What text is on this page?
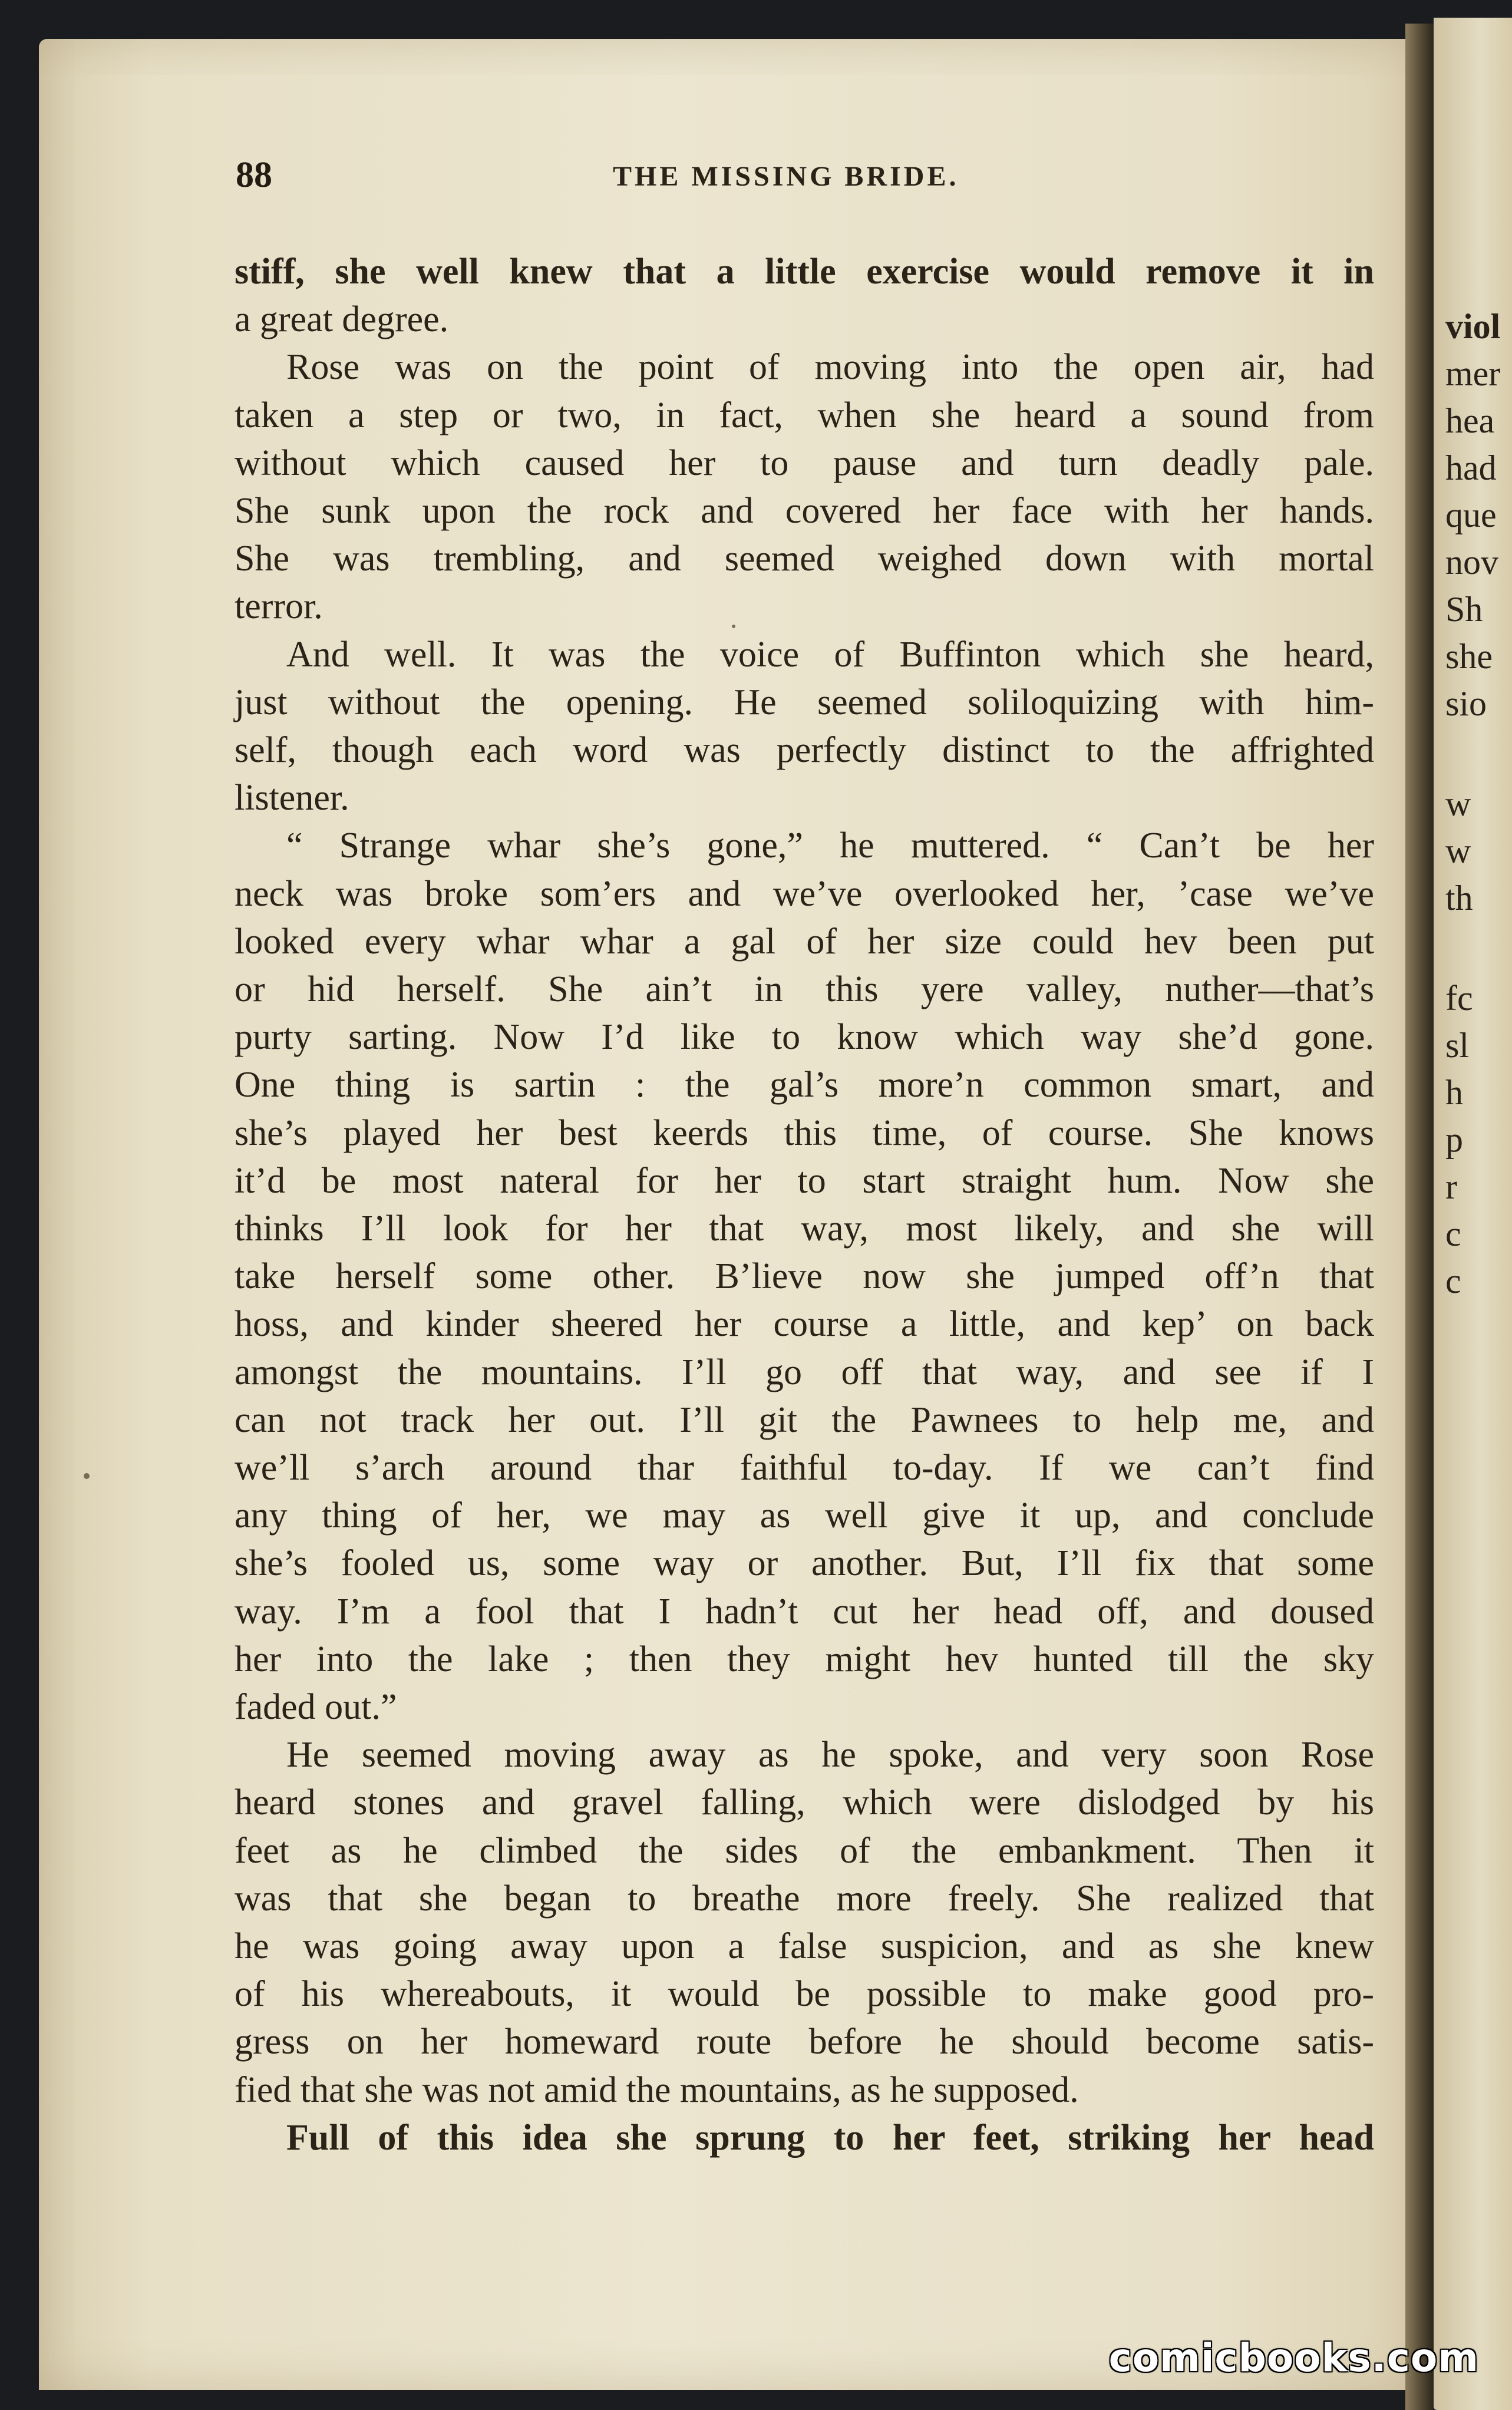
viol
mer
hea
had
que
nov
Sh
she
sio
w
w
th
fc
sl
h
p
r
c
c
88	THE MISSING BRIDE.
stiff, she well knew that a little exercise would remove it in
a great degree.
Rose was on the point of moving into the open air, had
taken a step or two, in fact, when she heard a sound from
without which caused her to pause and turn deadly pale.
She sunk upon the rock and covered her face with her hands.
She was trembling, and seemed weighed down with mortal
terror.
And well. It was the voice of Buffinton which she heard,
just without the opening. He seemed soliloquizing with him-
self, though each word was perfectly distinct to the affrighted
listener.
“ Strange whar she’s gone,” he muttered. “ Can’t be her
neck was broke som’ers and we’ve overlooked her, ’case we’ve
looked every whar whar a gal of her size could hev been put
or hid herself. She ain’t in this yere valley, nuther—that’s
purty sarting. Now I’d like to know which way she’d gone.
One thing is sartin : the gal’s more’n common smart, and
she’s played her best keerds this time, of course. She knows
it’d be most nateral for her to start straight hum. Now she
thinks I’ll look for her that way, most likely, and she will
take herself some other. B’lieve now she jumped off’n that
hoss, and kinder sheered her course a little, and kep’ on back
amongst the mountains. I’ll go off that way, and see if I
can not track her out. I’ll git the Pawnees to help me, and
we’ll s’arch around thar faithful to-day. If we can’t find
any thing of her, we may as well give it up, and conclude
she’s fooled us, some way or another. But, I’ll fix that some
way. I’m a fool that I hadn’t cut her head off, and doused
her into the lake ; then they might hev hunted till the sky
faded out.”
He seemed moving away as he spoke, and very soon Rose
heard stones and gravel falling, which were dislodged by his
feet as he climbed the sides of the embankment. Then it
was that she began to breathe more freely. She realized that
he was going away upon a false suspicion, and as she knew
of his whereabouts, it would be possible to make good pro-
gress on her homeward route before he should become satis-
fied that she was not amid the mountains, as he supposed.
Full of this idea she sprung to her feet, striking her head
comicbooks.com
